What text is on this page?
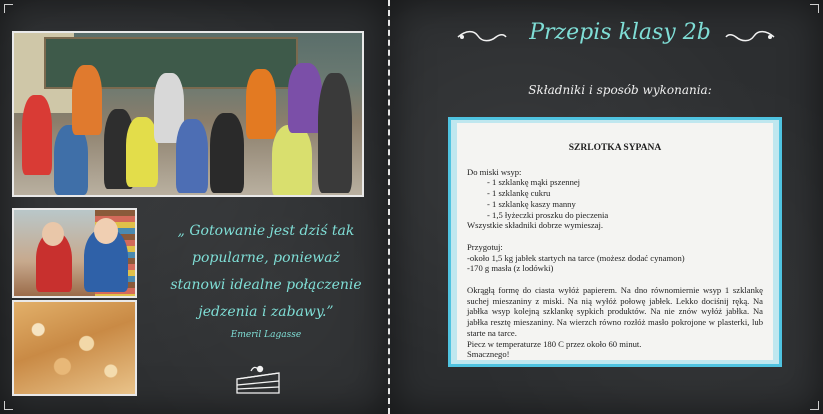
„ Gotowanie jest dziś tak
popularne, ponieważ
stanowi idealne połączenie
jedzenia i zabawy.”
Emeril Lagasse
Przepis klasy 2b
Składniki i sposób wykonania:
SZRLOTKA SYPANA
Do miski wsyp:
- 1 szklankę mąki pszennej
- 1 szklankę cukru
- 1 szklankę kaszy manny
- 1,5 łyżeczki proszku do pieczenia
Wszystkie składniki dobrze wymieszaj.
Przygotuj:
-około 1,5 kg jabłek startych na tarce (możesz dodać cynamon)
-170 g masła (z lodówki)
Okrągłą formę do ciasta wyłóż papierem. Na dno równomiernie wsyp 1 szklankę suchej mieszaniny z miski. Na nią wyłóż połowę jabłek. Lekko dociśnij ręką. Na jabłka wsyp kolejną szklankę sypkich produktów. Na nie znów wyłóż jabłka. Na jabłka resztę mieszaniny. Na wierzch równo rozłóż masło pokrojone w plasterki, lub starte na tarce.
Piecz w temperaturze 180 C przez około 60 minut.
Smacznego!
